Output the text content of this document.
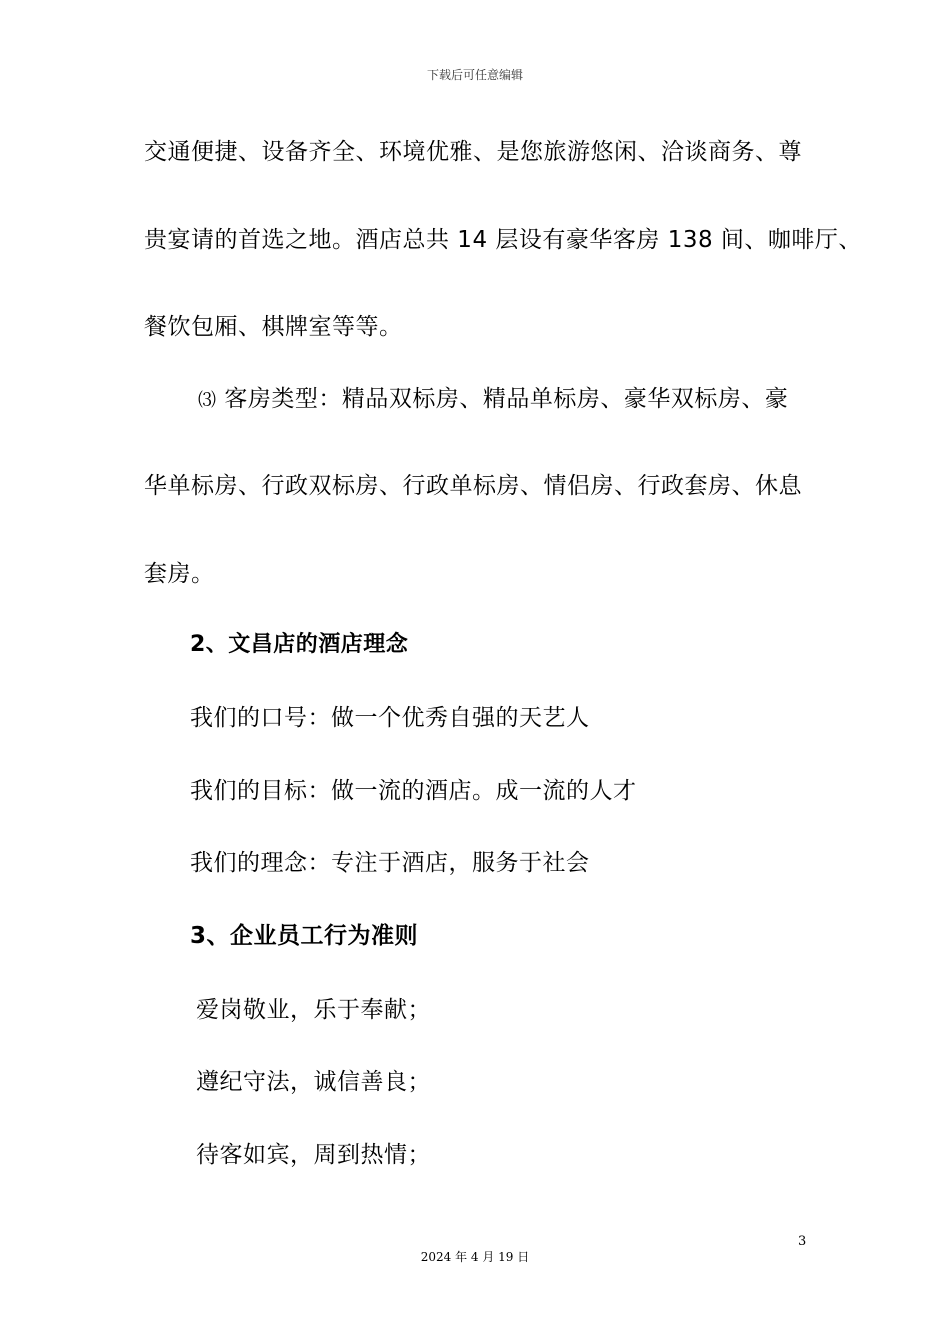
下载后可任意编辑
交通便捷、设备齐全、环境优雅、是您旅游悠闲、洽谈商务、尊
贵宴请的首选之地。酒店总共 14 层设有豪华客房 138 间、咖啡厅、
餐饮包厢、棋牌室等等。
⑶ 客房类型：精品双标房、精品单标房、豪华双标房、豪
华单标房、行政双标房、行政单标房、情侣房、行政套房、休息
套房。
2、文昌店的酒店理念
我们的口号：做一个优秀自强的天艺人
我们的目标：做一流的酒店。成一流的人才
我们的理念：专注于酒店，服务于社会
3、企业员工行为准则
爱岗敬业，乐于奉献；
遵纪守法，诚信善良；
待客如宾，周到热情；
3
2024 年 4 月 19 日
